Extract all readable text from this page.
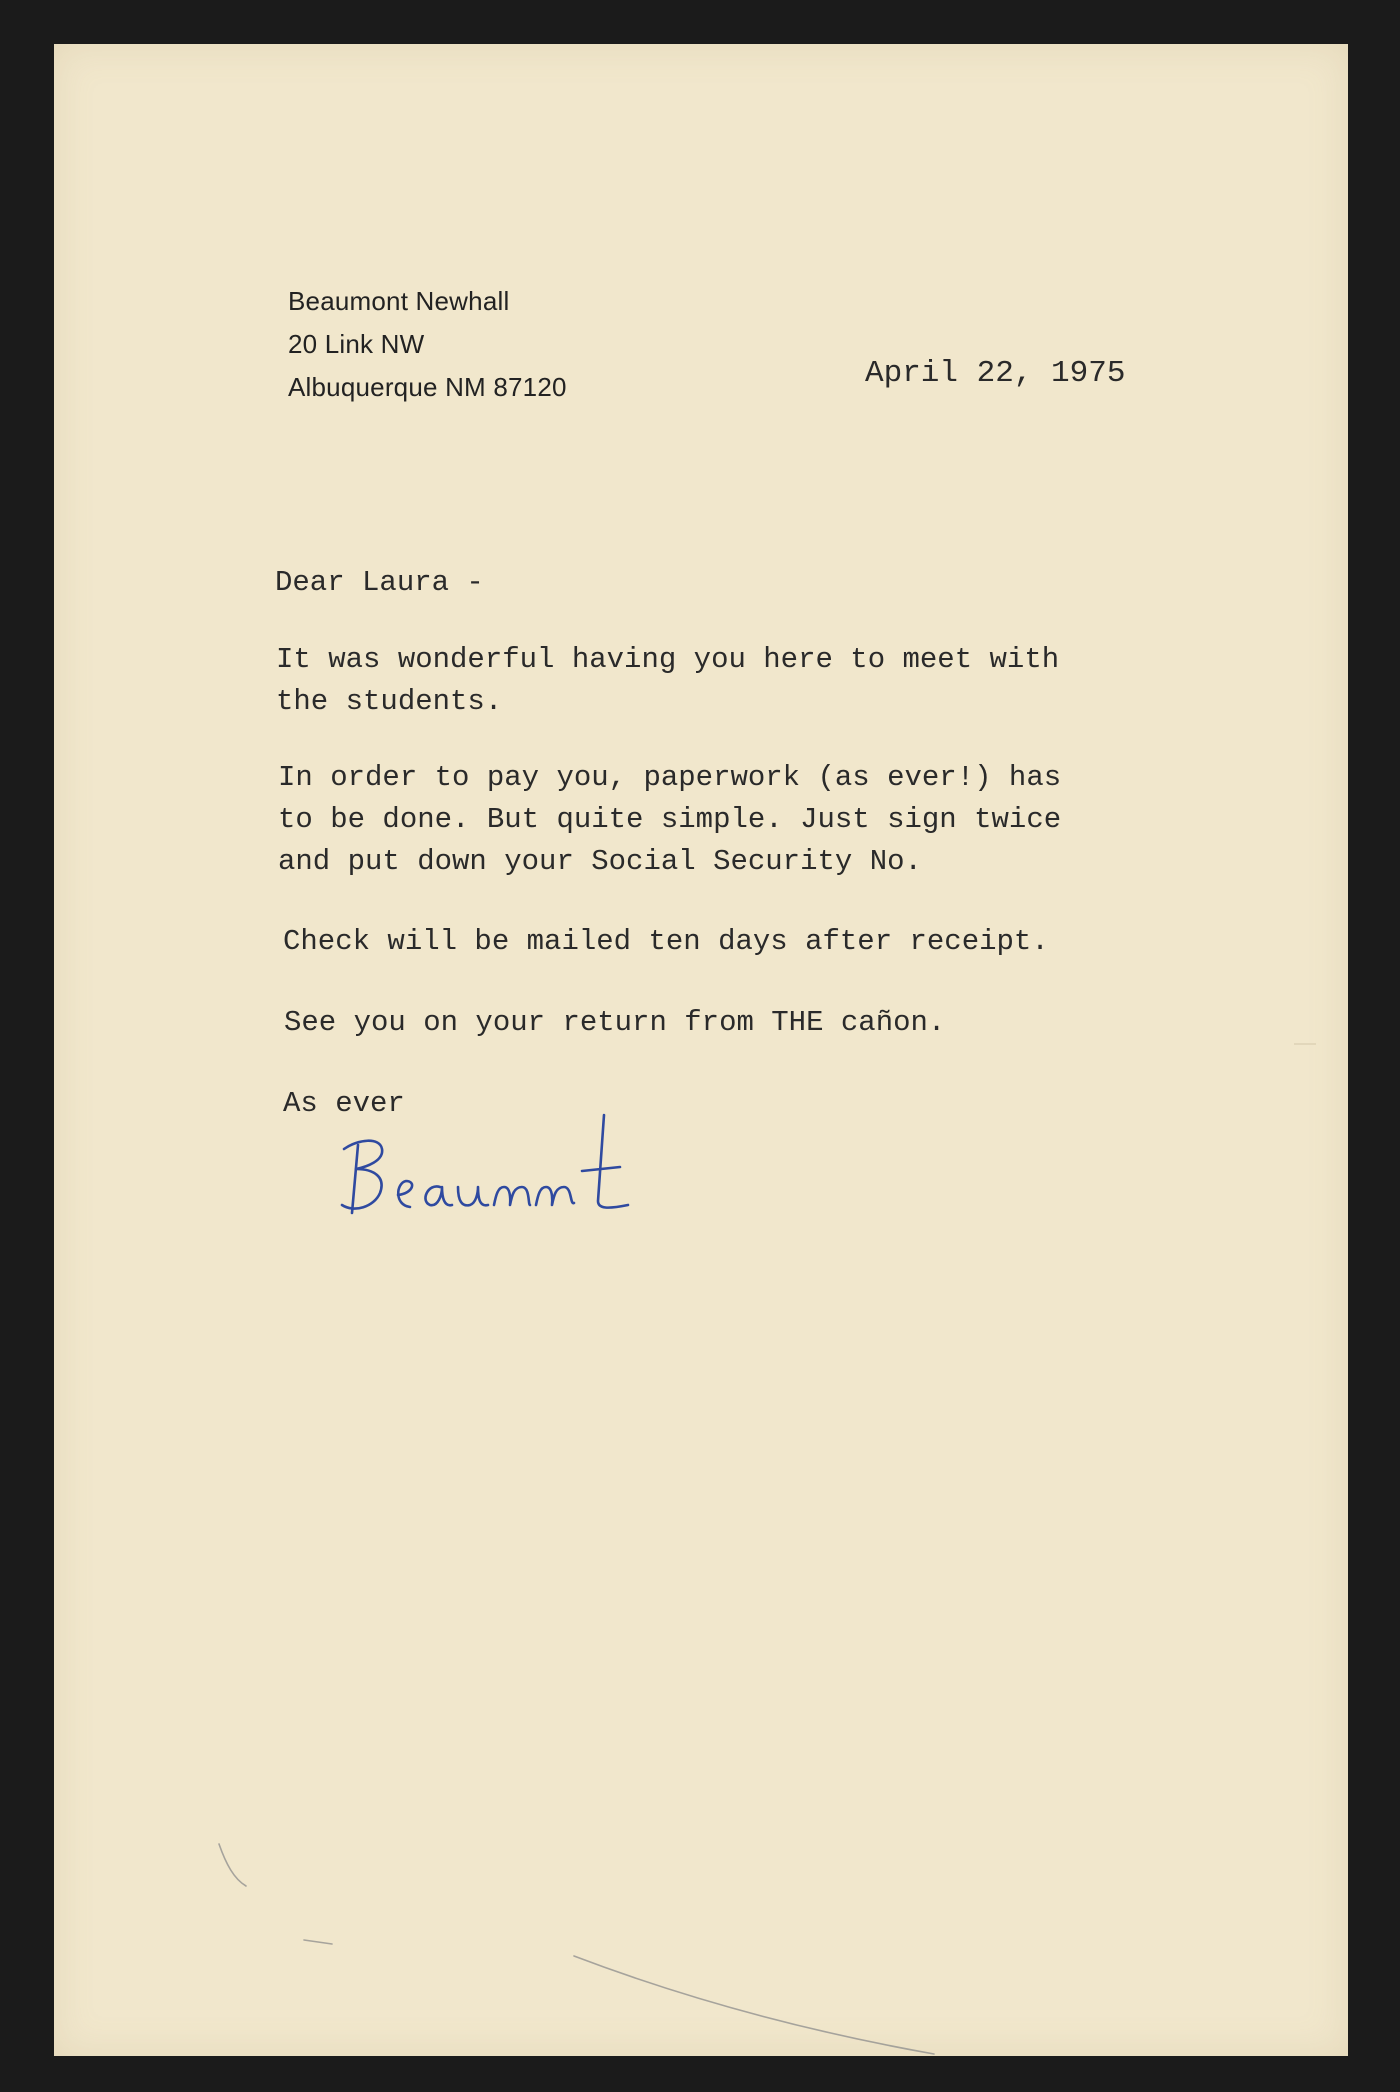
Beaumont Newhall
20 Link NW
Albuquerque NM 87120	April 22, 1975
Dear Laura -
It was wonderful having you here to meet with
the students.
In order to pay you, paperwork (as ever!) has
to be done. But quite simple. Just sign twice
and put down your Social Security No.
Check will be mailed ten days after receipt.
See you on your return from THE cañon.
As ever
